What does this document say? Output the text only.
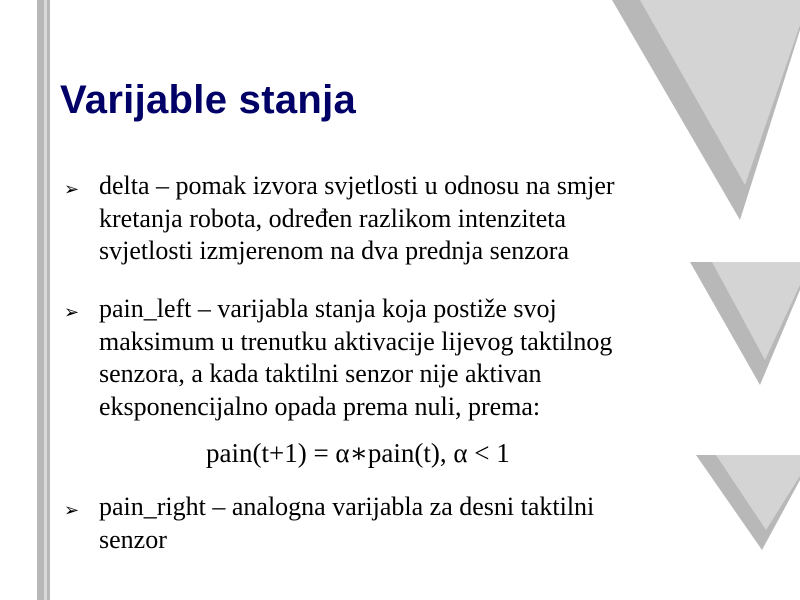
Varijable stanja
➢ delta – pomak izvora svjetlosti u odnosu na smjer
kretanja robota, određen razlikom intenziteta
svjetlosti izmjerenom na dva prednja senzora
➢ pain_left – varijabla stanja koja postiže svoj
maksimum u trenutku aktivacije lijevog taktilnog
senzora, a kada taktilni senzor nije aktivan
eksponencijalno opada prema nuli, prema:
pain(t+1) = α∗pain(t), α < 1
➢ pain_right – analogna varijabla za desni taktilni
senzor
